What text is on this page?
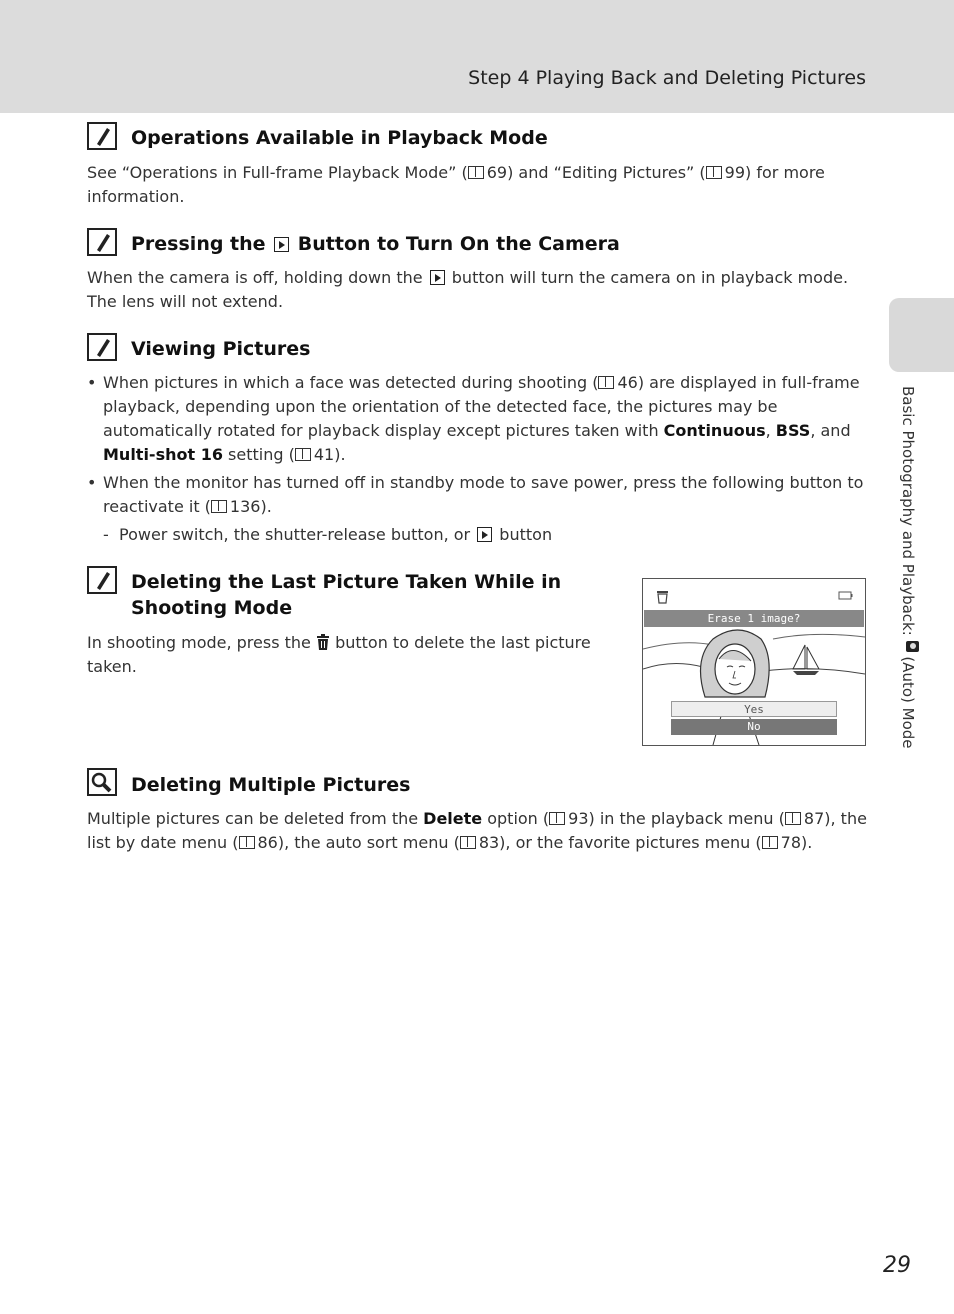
Step 4 Playing Back and Deleting Pictures
Basic Photography and Playback:  (Auto) Mode
Operations Available in Playback Mode
See “Operations in Full-frame Playback Mode” ( 69) and “Editing Pictures” ( 99) for more information.
Pressing the  Button to Turn On the Camera
When the camera is off, holding down the  button will turn the camera on in playback mode. The lens will not extend.
Viewing Pictures
• When pictures in which a face was detected during shooting ( 46) are displayed in full-frame playback, depending upon the orientation of the detected face, the pictures may be automatically rotated for playback display except pictures taken with Continuous, BSS, and Multi-shot 16 setting ( 41).
• When the monitor has turned off in standby mode to save power, press the following button to reactivate it ( 136).
- Power switch, the shutter-release button, or  button
Deleting the Last Picture Taken While in
Shooting Mode
In shooting mode, press the  button to delete the last picture taken.
Erase 1 image?
Yes
No
Deleting Multiple Pictures
Multiple pictures can be deleted from the Delete option ( 93) in the playback menu ( 87), the list by date menu ( 86), the auto sort menu ( 83), or the favorite pictures menu ( 78).
29
